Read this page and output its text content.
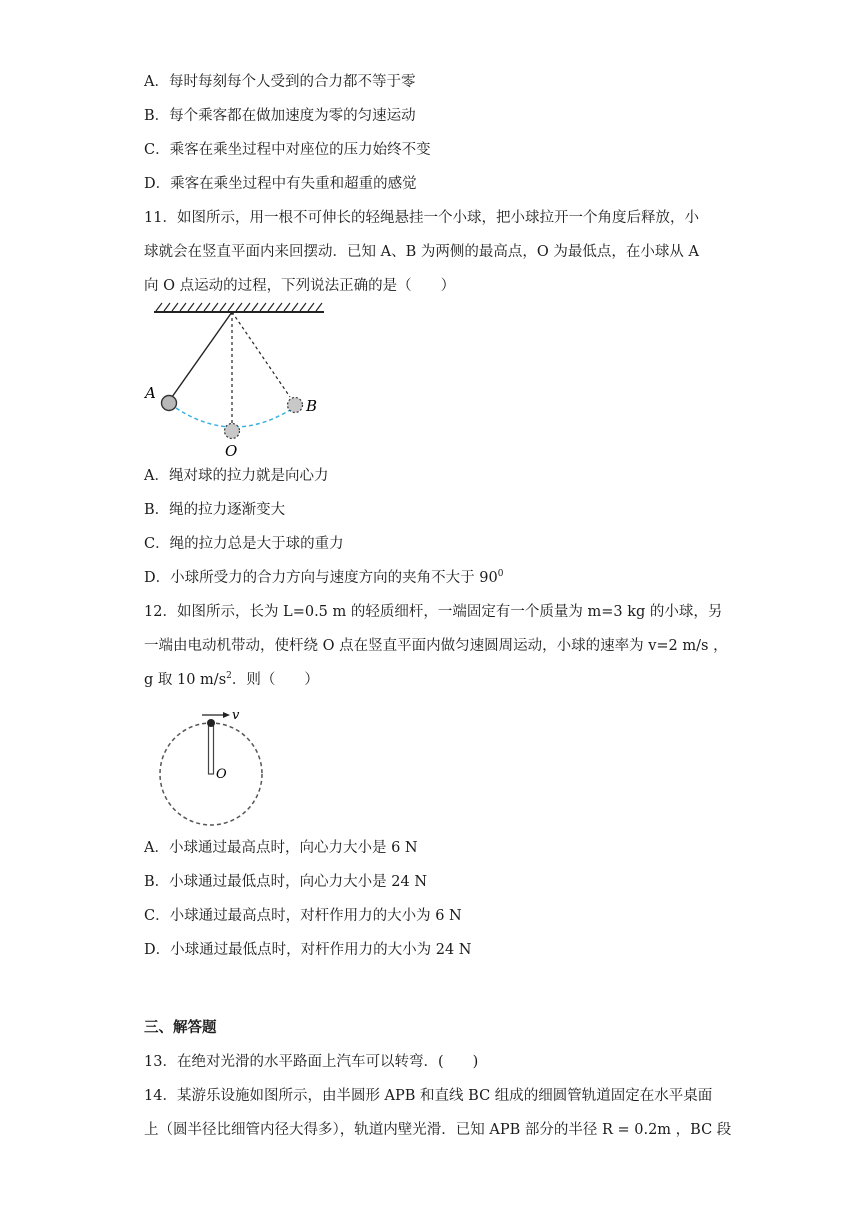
A．每时每刻每个人受到的合力都不等于零
B．每个乘客都在做加速度为零的匀速运动
C．乘客在乘坐过程中对座位的压力始终不变
D．乘客在乘坐过程中有失重和超重的感觉
11．如图所示，用一根不可伸长的轻绳悬挂一个小球，把小球拉开一个角度后释放，小
球就会在竖直平面内来回摆动．已知 A、B 为两侧的最高点，O 为最低点，在小球从 A
向 O 点运动的过程，下列说法正确的是（　　）
A
B
O
A．绳对球的拉力就是向心力
B．绳的拉力逐渐变大
C．绳的拉力总是大于球的重力
D．小球所受力的合力方向与速度方向的夹角不大于 $90^0$
12．如图所示，长为 L=0.5 m 的轻质细杆，一端固定有一个质量为 m=3 kg 的小球，另
一端由电动机带动，使杆绕 O 点在竖直平面内做匀速圆周运动，小球的速率为 v=2 m/s ，
g 取 10 $m/s^2$．则（　　）
v
O
A．小球通过最高点时，向心力大小是 6 N
B．小球通过最低点时，向心力大小是 24 N
C．小球通过最高点时，对杆作用力的大小为 6 N
D．小球通过最低点时，对杆作用力的大小为 24 N
三、解答题
13．在绝对光滑的水平路面上汽车可以转弯．(　　)
14．某游乐设施如图所示，由半圆形 APB 和直线 BC 组成的细圆管轨道固定在水平桌面
上（圆半径比细管内径大得多），轨道内壁光滑．已知 APB 部分的半径 R = 0.2m ，BC 段
